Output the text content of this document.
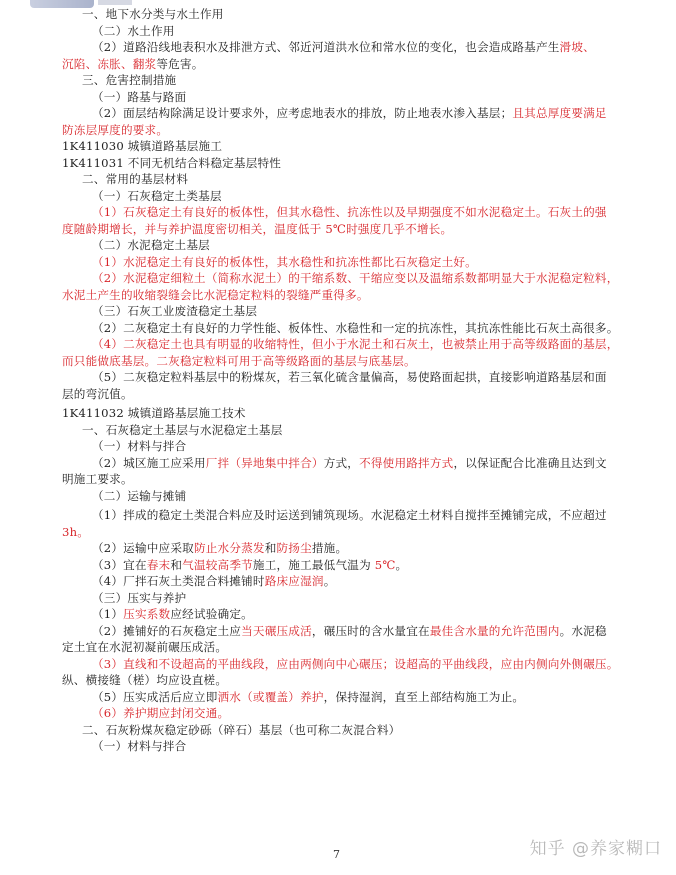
一、地下水分类与水土作用
（二）水土作用
（2）道路沿线地表积水及排泄方式、邻近河道洪水位和常水位的变化，也会造成路基产生滑坡、
沉陷、冻胀、翻浆等危害。
三、危害控制措施
（一）路基与路面
（2）面层结构除满足设计要求外，应考虑地表水的排放，防止地表水渗入基层；且其总厚度要满足
防冻层厚度的要求。
1K411030 城镇道路基层施工
1K411031 不同无机结合料稳定基层特性
二、常用的基层材料
（一）石灰稳定土类基层
（1）石灰稳定土有良好的板体性，但其水稳性、抗冻性以及早期强度不如水泥稳定土。石灰土的强
度随龄期增长，并与养护温度密切相关，温度低于 5℃时强度几乎不增长。
（二）水泥稳定土基层
（1）水泥稳定土有良好的板体性，其水稳性和抗冻性都比石灰稳定土好。
（2）水泥稳定细粒土（简称水泥土）的干缩系数、干缩应变以及温缩系数都明显大于水泥稳定粒料，
水泥土产生的收缩裂缝会比水泥稳定粒料的裂缝严重得多。
（三）石灰工业废渣稳定土基层
（2）二灰稳定土有良好的力学性能、板体性、水稳性和一定的抗冻性，其抗冻性能比石灰土高很多。
（4）二灰稳定土也具有明显的收缩特性，但小于水泥土和石灰土，也被禁止用于高等级路面的基层，
而只能做底基层。二灰稳定粒料可用于高等级路面的基层与底基层。
（5）二灰稳定粒料基层中的粉煤灰，若三氧化硫含量偏高，易使路面起拱，直接影响道路基层和面
层的弯沉值。
1K411032 城镇道路基层施工技术
一、石灰稳定土基层与水泥稳定土基层
（一）材料与拌合
（2）城区施工应采用厂拌（异地集中拌合）方式，不得使用路拌方式，以保证配合比准确且达到文
明施工要求。
（二）运输与摊铺
（1）拌成的稳定土类混合料应及时运送到铺筑现场。水泥稳定土材料自搅拌至摊铺完成，不应超过
3h。
（2）运输中应采取防止水分蒸发和防扬尘措施。
（3）宜在春末和气温较高季节施工，施工最低气温为 5℃。
（4）厂拌石灰土类混合料摊铺时路床应湿润。
（三）压实与养护
（1）压实系数应经试验确定。
（2）摊铺好的石灰稳定土应当天碾压成活，碾压时的含水量宜在最佳含水量的允许范围内。水泥稳
定土宜在水泥初凝前碾压成活。
（3）直线和不设超高的平曲线段，应由两侧向中心碾压；设超高的平曲线段，应由内侧向外侧碾压。
纵、横接缝（槎）均应设直槎。
（5）压实成活后应立即洒水（或覆盖）养护，保持湿润，直至上部结构施工为止。
（6）养护期应封闭交通。
二、石灰粉煤灰稳定砂砾（碎石）基层（也可称二灰混合料）
（一）材料与拌合
7	知乎 @养家糊口
